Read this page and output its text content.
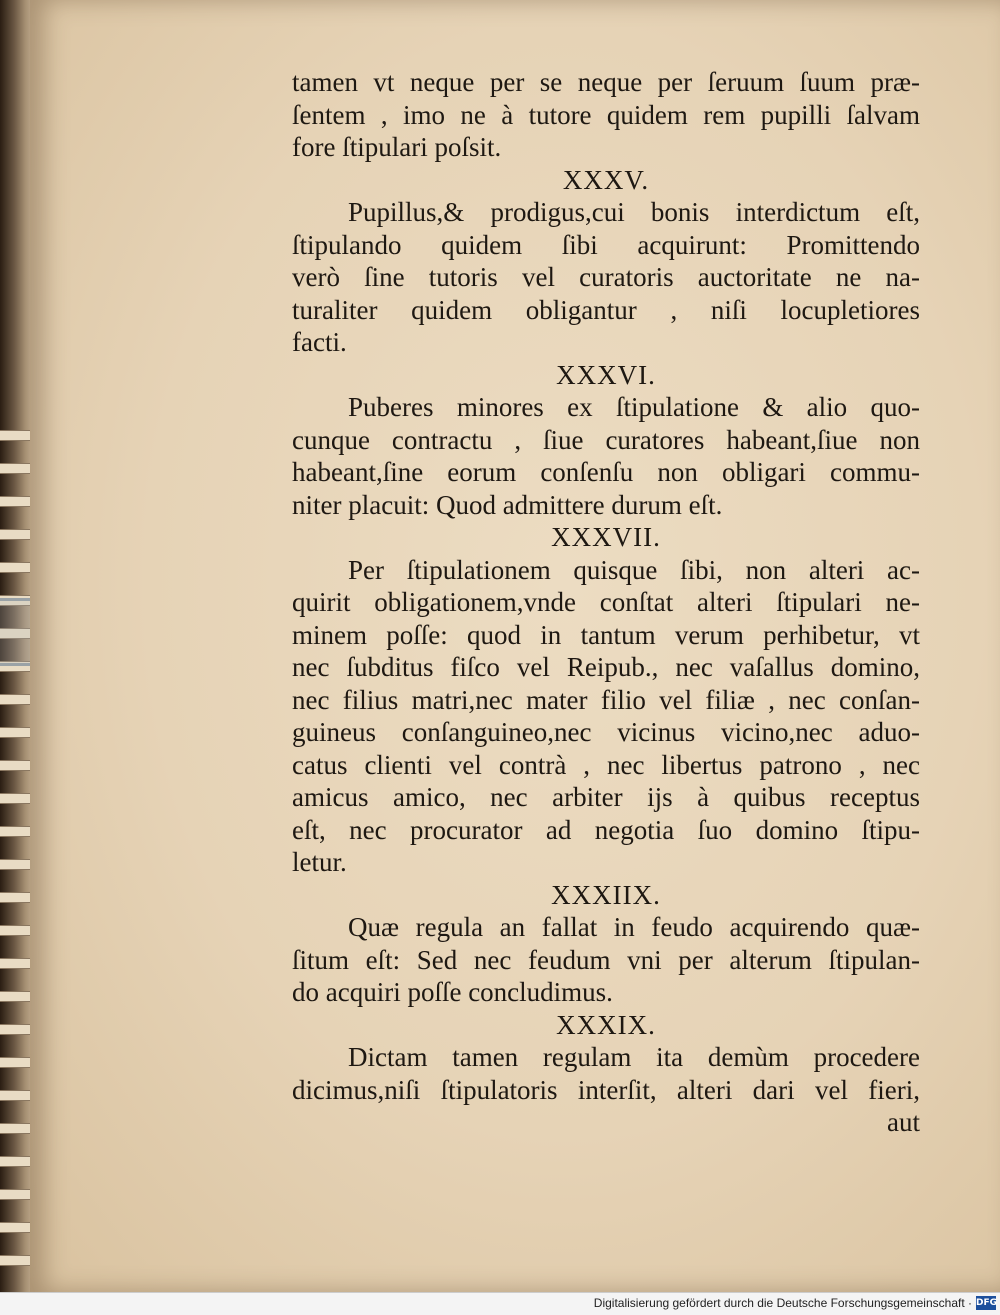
tamen vt neque per se neque per ſeruum ſuum præ-
ſentem , imo ne à tutore quidem rem pupilli ſalvam
fore ſtipulari poſsit.
XXXV.
Pupillus,& prodigus,cui bonis interdictum eſt,
ſtipulando quidem ſibi acquirunt: Promittendo
verò ſine tutoris vel curatoris auctoritate ne na-
turaliter quidem obligantur , niſi locupletiores
facti.
XXXVI.
Puberes minores ex ſtipulatione & alio quo-
cunque contractu , ſiue curatores habeant,ſiue non
habeant,ſine eorum conſenſu non obligari commu-
niter placuit: Quod admittere durum eſt.
XXXVII.
Per ſtipulationem quisque ſibi, non alteri ac-
quirit obligationem,vnde conſtat alteri ſtipulari ne-
minem poſſe: quod in tantum verum perhibetur, vt
nec ſubditus fiſco vel Reipub., nec vaſallus domino,
nec filius matri,nec mater filio vel filiæ , nec conſan-
guineus conſanguineo,nec vicinus vicino,nec aduo-
catus clienti vel contrà , nec libertus patrono , nec
amicus amico, nec arbiter ijs à quibus receptus
eſt, nec procurator ad negotia ſuo domino ſtipu-
letur.
XXXIIX.
Quæ regula an fallat in feudo acquirendo quæ-
ſitum eſt: Sed nec feudum vni per alterum ſtipulan-
do acquiri poſſe concludimus.
XXXIX.
Dictam tamen regulam ita demùm procedere
dicimus,niſi ſtipulatoris interſit, alteri dari vel fieri,
aut
Digitalisierung gefördert durch die Deutsche Forschungsgemeinschaft · DFG
